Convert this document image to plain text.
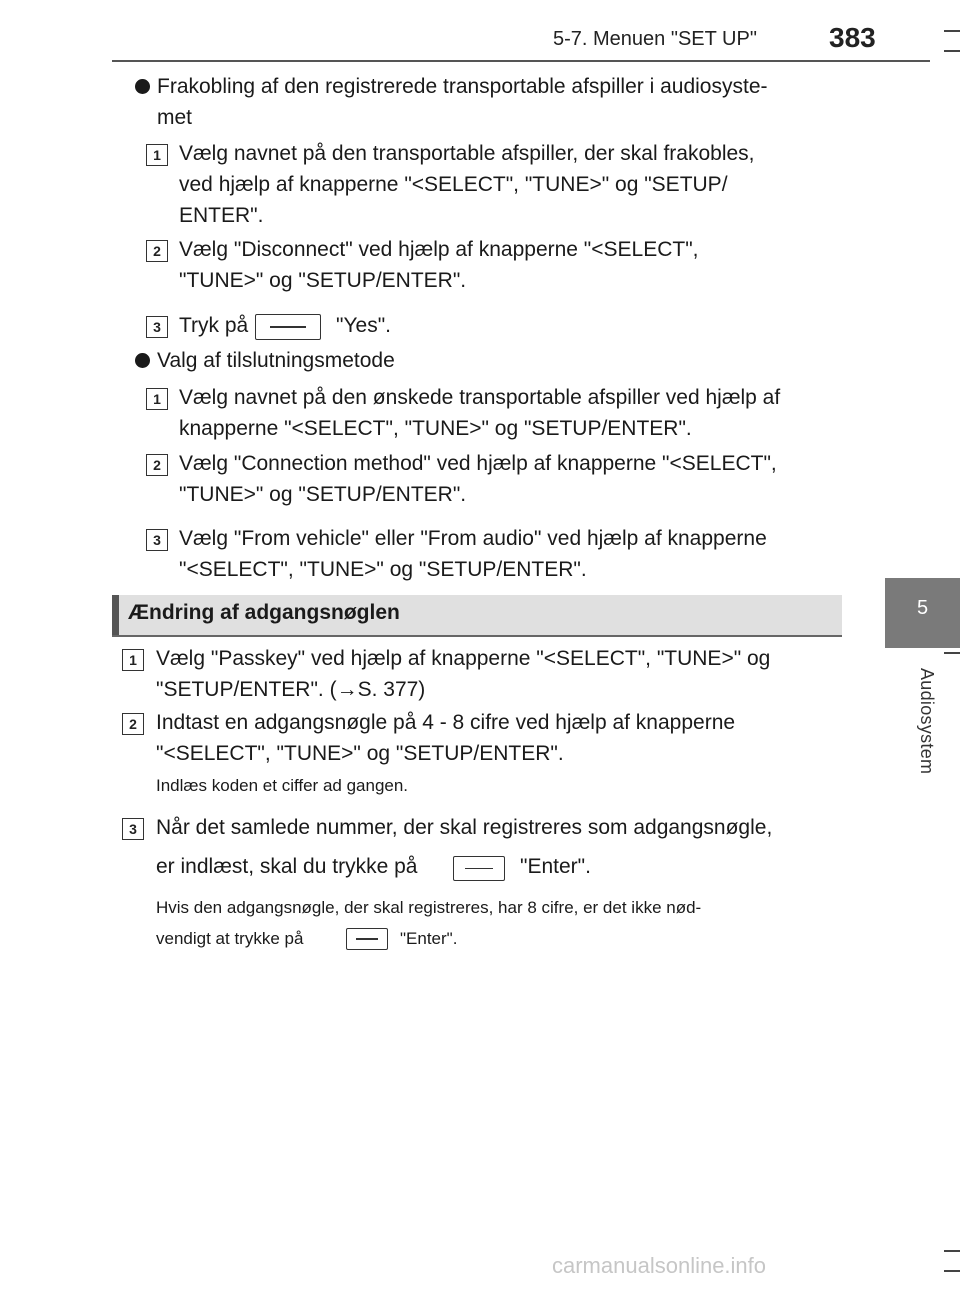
5-7. Menuen "SET UP"	383
5
Audiosystem
Frakobling af den registrerede transportable afspiller i audiosyste-
met
1 Vælg navnet på den transportable afspiller, der skal frakobles,
ved hjælp af knapperne "<SELECT", "TUNE>" og "SETUP/
ENTER".
2 Vælg "Disconnect" ved hjælp af knapperne "<SELECT",
"TUNE>" og "SETUP/ENTER".
3 Tryk på	"Yes".
Valg af tilslutningsmetode
1 Vælg navnet på den ønskede transportable afspiller ved hjælp af
knapperne "<SELECT", "TUNE>" og "SETUP/ENTER".
2 Vælg "Connection method" ved hjælp af knapperne "<SELECT",
"TUNE>" og "SETUP/ENTER".
3 Vælg "From vehicle" eller "From audio" ved hjælp af knapperne
"<SELECT", "TUNE>" og "SETUP/ENTER".
Ændring af adgangsnøglen
1 Vælg "Passkey" ved hjælp af knapperne "<SELECT", "TUNE>" og
"SETUP/ENTER". (→S. 377)
2 Indtast en adgangsnøgle på 4 - 8 cifre ved hjælp af knapperne
"<SELECT", "TUNE>" og "SETUP/ENTER".
Indlæs koden et ciffer ad gangen.
3 Når det samlede nummer, der skal registreres som adgangsnøgle,
er indlæst, skal du trykke på	"Enter".
Hvis den adgangsnøgle, der skal registreres, har 8 cifre, er det ikke nød-
vendigt at trykke på	"Enter".
carmanualsonline.info
